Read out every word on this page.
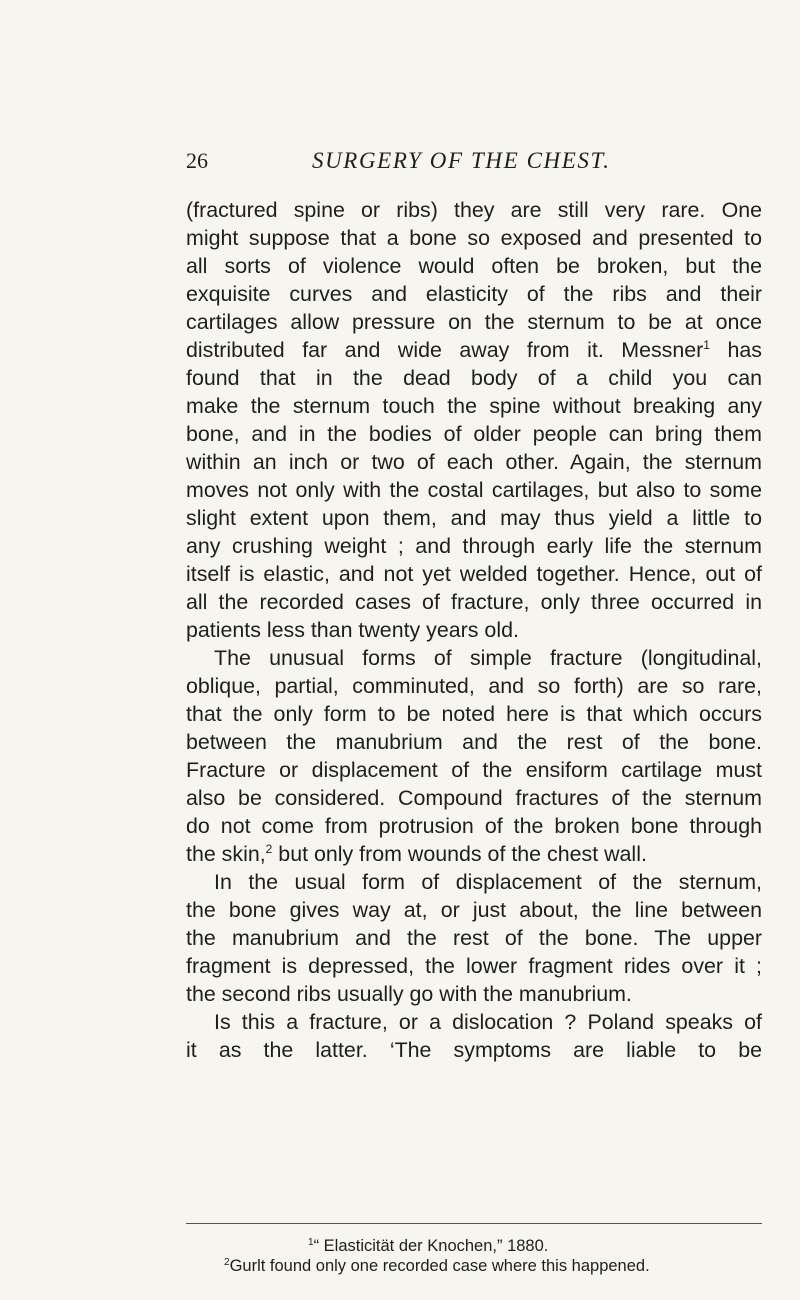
26	SURGERY OF THE CHEST.
(fractured spine or ribs) they are still very rare. One
might suppose that a bone so exposed and presented to
all sorts of violence would often be broken, but the
exquisite curves and elasticity of the ribs and their
cartilages allow pressure on the sternum to be at once
distributed far and wide away from it. Messner$^1$ has
found that in the dead body of a child you can
make the sternum touch the spine without breaking any
bone, and in the bodies of older people can bring them
within an inch or two of each other. Again, the sternum
moves not only with the costal cartilages, but also to some
slight extent upon them, and may thus yield a little to
any crushing weight ; and through early life the sternum
itself is elastic, and not yet welded together. Hence, out of
all the recorded cases of fracture, only three occurred in
patients less than twenty years old.
The unusual forms of simple fracture (longitudinal,
oblique, partial, comminuted, and so forth) are so rare,
that the only form to be noted here is that which occurs
between the manubrium and the rest of the bone.
Fracture or displacement of the ensiform cartilage must
also be considered. Compound fractures of the sternum
do not come from protrusion of the broken bone through
the skin,$^2$ but only from wounds of the chest wall.
In the usual form of displacement of the sternum,
the bone gives way at, or just about, the line between
the manubrium and the rest of the bone. The upper
fragment is depressed, the lower fragment rides over it ;
the second ribs usually go with the manubrium.
Is this a fracture, or a dislocation ? Poland speaks of
it as the latter. ‘The symptoms are liable to be
$^1$“ Elasticität der Knochen,” 1880.
$^2$Gurlt found only one recorded case where this happened.
